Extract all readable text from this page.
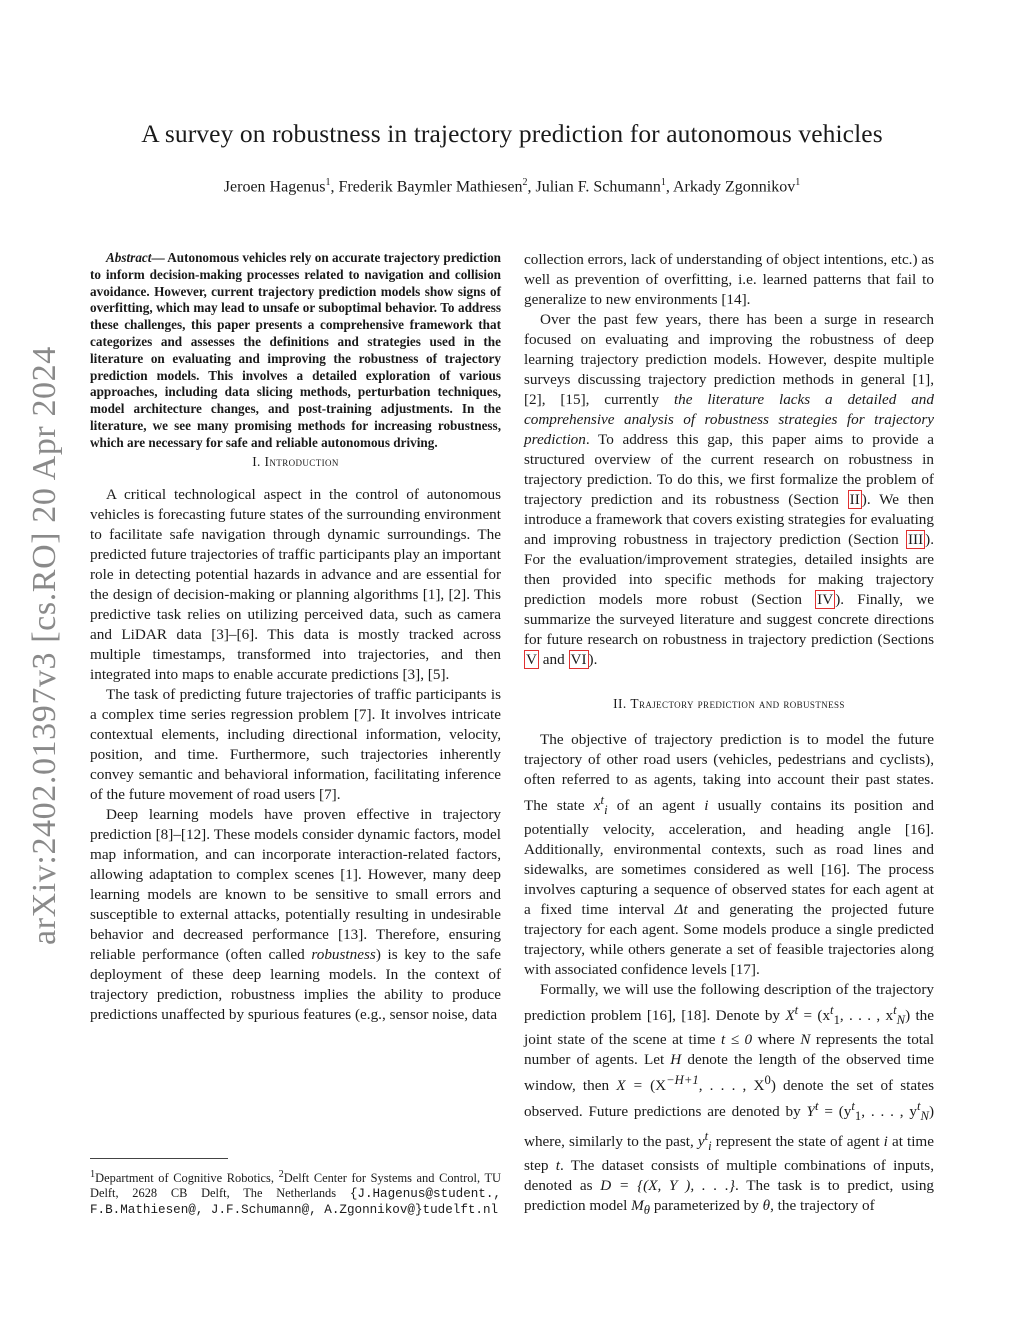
A survey on robustness in trajectory prediction for autonomous vehicles
Jeroen Hagenus$^1$, Frederik Baymler Mathiesen$^2$, Julian F. Schumann$^1$, Arkady Zgonnikov$^1$
arXiv:2402.01397v3 [cs.RO] 20 Apr 2024

Abstract— Autonomous vehicles rely on accurate trajectory prediction to inform decision-making processes related to navigation and collision avoidance. However, current trajectory prediction models show signs of overfitting, which may lead to unsafe or suboptimal behavior. To address these challenges, this paper presents a comprehensive framework that categorizes and assesses the definitions and strategies used in the literature on evaluating and improving the robustness of trajectory prediction models. This involves a detailed exploration of various approaches, including data slicing methods, perturbation techniques, model architecture changes, and post-training adjustments. In the literature, we see many promising methods for increasing robustness, which are necessary for safe and reliable autonomous driving.

I. Introduction

A critical technological aspect in the control of autonomous vehicles is forecasting future states of the surrounding environment to facilitate safe navigation through dynamic surroundings. The predicted future trajectories of traffic participants play an important role in detecting potential hazards in advance and are essential for the design of decision-making or planning algorithms [1], [2]. This predictive task relies on utilizing perceived data, such as camera and LiDAR data [3]–[6]. This data is mostly tracked across multiple timestamps, transformed into trajectories, and then integrated into maps to enable accurate predictions [3], [5].

The task of predicting future trajectories of traffic participants is a complex time series regression problem [7]. It involves intricate contextual elements, including directional information, velocity, position, and time. Furthermore, such trajectories inherently convey semantic and behavioral information, facilitating inference of the future movement of road users [7].

Deep learning models have proven effective in trajectory prediction [8]–[12]. These models consider dynamic factors, model map information, and can incorporate interaction-related factors, allowing adaptation to complex scenes [1]. However, many deep learning models are known to be sensitive to small errors and susceptible to external attacks, potentially resulting in undesirable behavior and decreased performance [13]. Therefore, ensuring reliable performance (often called robustness) is key to the safe deployment of these deep learning models. In the context of trajectory prediction, robustness implies the ability to produce predictions unaffected by spurious features (e.g., sensor noise, data

collection errors, lack of understanding of object intentions, etc.) as well as prevention of overfitting, i.e. learned patterns that fail to generalize to new environments [14].

Over the past few years, there has been a surge in research focused on evaluating and improving the robustness of deep learning trajectory prediction models. However, despite multiple surveys discussing trajectory prediction methods in general [1], [2], [15], currently the literature lacks a detailed and comprehensive analysis of robustness strategies for trajectory prediction. To address this gap, this paper aims to provide a structured overview of the current research on robustness in trajectory prediction. To do this, we first formalize the problem of trajectory prediction and its robustness (Section II ). We then introduce a framework that covers existing strategies for evaluating and improving robustness in trajectory prediction (Section III ). For the evaluation/improvement strategies, detailed insights are then provided into specific methods for making trajectory prediction models more robust (Section IV ). Finally, we summarize the surveyed literature and suggest concrete directions for future research on robustness in trajectory prediction (Sections V and VI ).

II. Trajectory prediction and robustness

The objective of trajectory prediction is to model the future trajectory of other road users (vehicles, pedestrians and cyclists), often referred to as agents, taking into account their past states. The state $x^t_i$ of an agent i usually contains its position and potentially velocity, acceleration, and heading angle [16]. Additionally, environmental contexts, such as road lines and sidewalks, are sometimes considered as well [16]. The process involves capturing a sequence of observed states for each agent at a fixed time interval Δt and generating the projected future trajectory for each agent. Some models produce a single predicted trajectory, while others generate a set of feasible trajectories along with associated confidence levels [17].

Formally, we will use the following description of the trajectory prediction problem [16], [18]. Denote by $X^t = (x^t_1$, . . . , $x^t_N$) the joint state of the scene at time t ≤ 0 where N represents the total number of agents. Let H denote the length of the observed time window, then $X = (X^{-H+1}$, . . . , $X^0$) denote the set of states observed. Future predictions are denoted by $Y^t = (y^t_1$, . . . , $y^t_N$) where, similarly to the past, $y^t_i$ represent the state of agent i at time step t. The dataset consists of multiple combinations of inputs, denoted as D = {(X, Y ), . . .}. The task is to predict, using prediction model $M_\theta$ parameterized by θ, the trajectory of

$^1$Department of Cognitive Robotics, $^2$Delft Center for Systems and Control, TU Delft, 2628 CB Delft, The Netherlands {J.Hagenus@student., F.B.Mathiesen@, J.F.Schumann@, A.Zgonnikov@}tudelft.nl
